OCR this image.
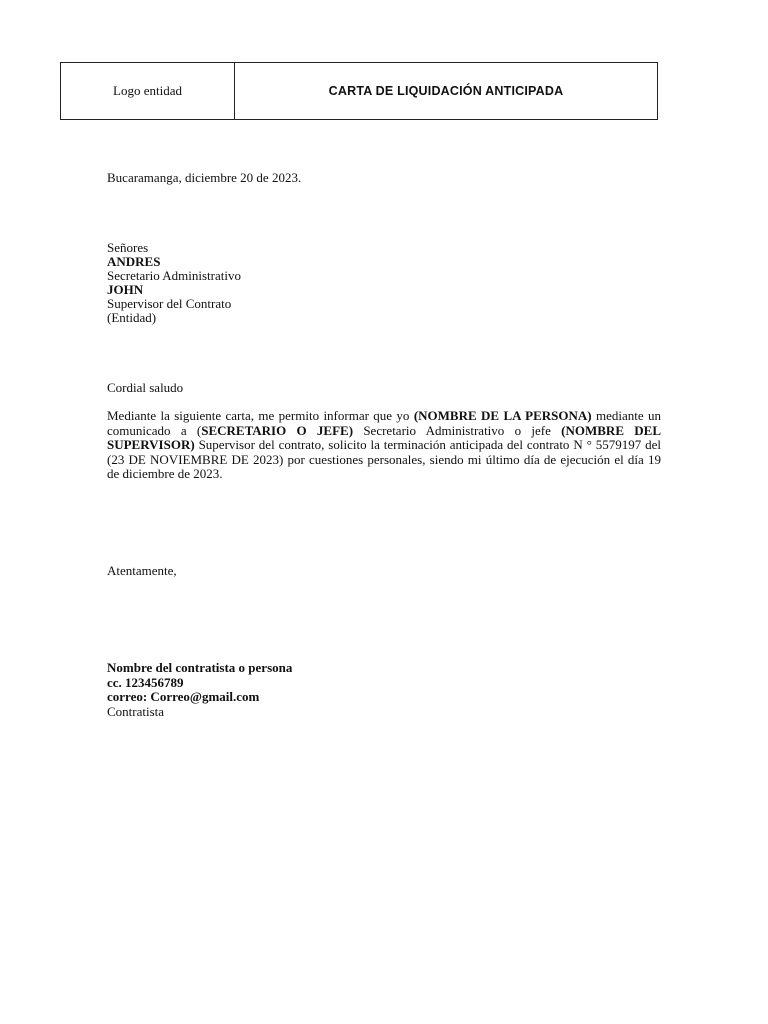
Logo entidad	CARTA DE LIQUIDACIÓN ANTICIPADA
Bucaramanga, diciembre 20 de 2023.
Señores
ANDRES
Secretario Administrativo
JOHN
Supervisor del Contrato
(Entidad)
Cordial saludo
Mediante la siguiente carta, me permito informar que yo (NOMBRE DE LA PERSONA) mediante un comunicado a (SECRETARIO O JEFE) Secretario Administrativo o jefe (NOMBRE DEL SUPERVISOR) Supervisor del contrato, solicito la terminación anticipada del contrato N ° 5579197 del (23 DE NOVIEMBRE DE 2023) por cuestiones personales, siendo mi último día de ejecución el día 19 de diciembre de 2023.
Atentamente,
Nombre del contratista o persona
cc. 123456789
correo: Correo@gmail.com
Contratista
